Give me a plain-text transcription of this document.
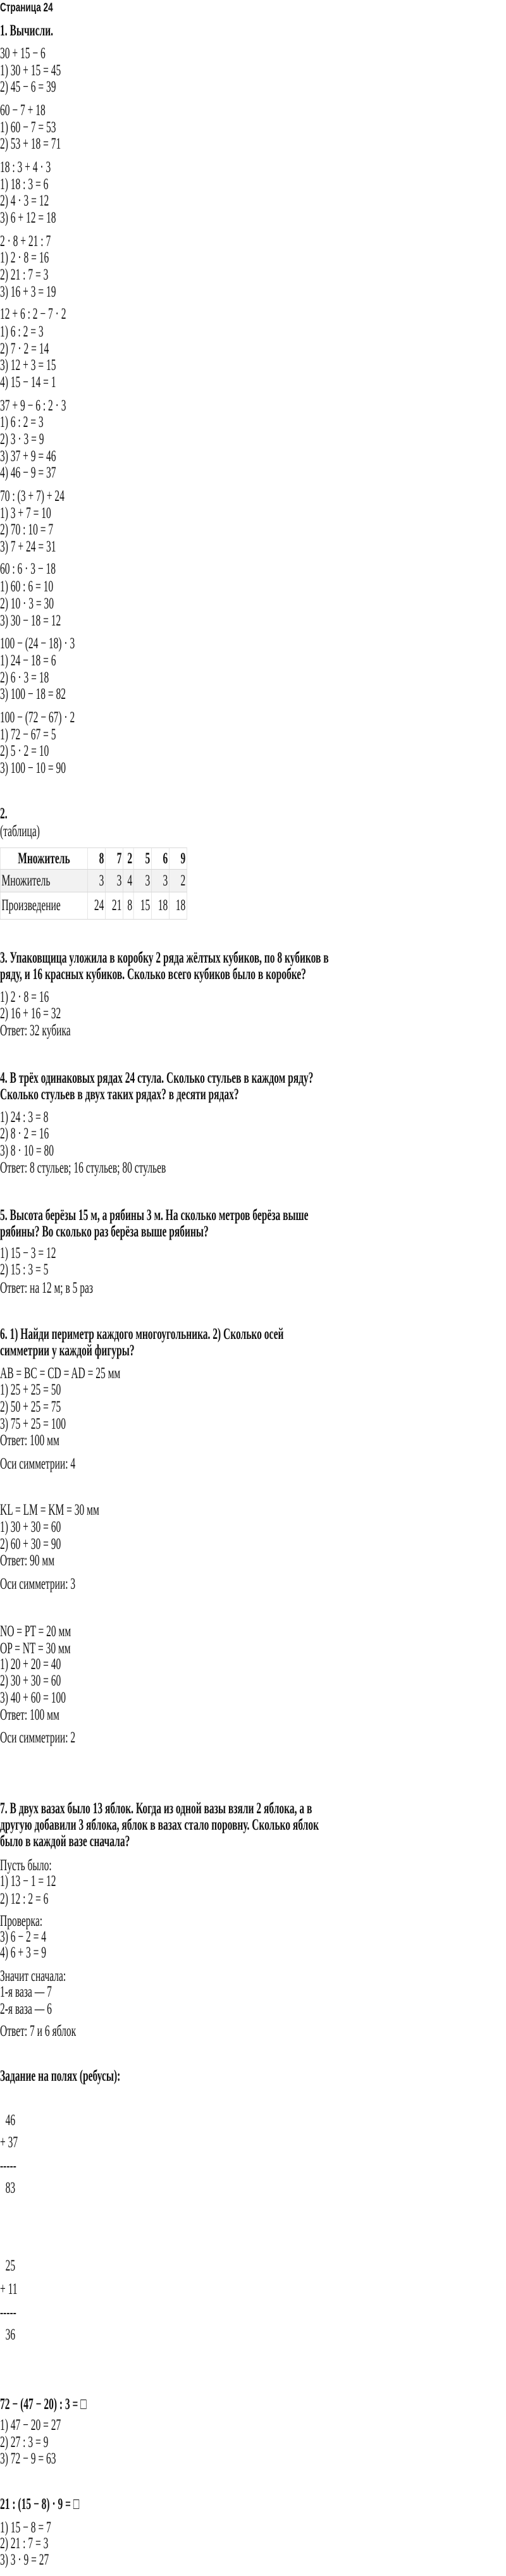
Множитель	8	7	2	5	6	9
Множитель	3	3	4	3	3	2
Произведение	24	21	8	15	18	18
Страница 24
1. Вычисли.
30 + 15 − 6
1) 30 + 15 = 45
2) 45 − 6 = 39
60 − 7 + 18
1) 60 − 7 = 53
2) 53 + 18 = 71
18 : 3 + 4 · 3
1) 18 : 3 = 6
2) 4 · 3 = 12
3) 6 + 12 = 18
2 · 8 + 21 : 7
1) 2 · 8 = 16
2) 21 : 7 = 3
3) 16 + 3 = 19
12 + 6 : 2 − 7 · 2
1) 6 : 2 = 3
2) 7 · 2 = 14
3) 12 + 3 = 15
4) 15 − 14 = 1
37 + 9 − 6 : 2 · 3
1) 6 : 2 = 3
2) 3 · 3 = 9
3) 37 + 9 = 46
4) 46 − 9 = 37
70 : (3 + 7) + 24
1) 3 + 7 = 10
2) 70 : 10 = 7
3) 7 + 24 = 31
60 : 6 · 3 − 18
1) 60 : 6 = 10
2) 10 · 3 = 30
3) 30 − 18 = 12
100 − (24 − 18) · 3
1) 24 − 18 = 6
2) 6 · 3 = 18
3) 100 − 18 = 82
100 − (72 − 67) · 2
1) 72 − 67 = 5
2) 5 · 2 = 10
3) 100 − 10 = 90
2.
(таблица)
3. Упаковщица уложила в коробку 2 ряда жёлтых кубиков, по 8 кубиков в ряду, и 16 красных кубиков. Сколько всего кубиков было в коробке?
1) 2 · 8 = 16
2) 16 + 16 = 32
Ответ: 32 кубика
4. В трёх одинаковых рядах 24 стула. Сколько стульев в каждом ряду? Сколько стульев в двух таких рядах? в десяти рядах?
1) 24 : 3 = 8
2) 8 · 2 = 16
3) 8 · 10 = 80
Ответ: 8 стульев; 16 стульев; 80 стульев
5. Высота берёзы 15 м, а рябины 3 м. На сколько метров берёза выше рябины? Во сколько раз берёза выше рябины?
1) 15 − 3 = 12
2) 15 : 3 = 5
Ответ: на 12 м; в 5 раз
6. 1) Найди периметр каждого многоугольника. 2) Сколько осей симметрии у каждой фигуры?
AB = BC = CD = AD = 25 мм
1) 25 + 25 = 50
2) 50 + 25 = 75
3) 75 + 25 = 100
Ответ: 100 мм
Оси симметрии: 4
KL = LM = KM = 30 мм
1) 30 + 30 = 60
2) 60 + 30 = 90
Ответ: 90 мм
Оси симметрии: 3
NO = PT = 20 мм
OP = NT = 30 мм
1) 20 + 20 = 40
2) 30 + 30 = 60
3) 40 + 60 = 100
Ответ: 100 мм
Оси симметрии: 2
7. В двух вазах было 13 яблок. Когда из одной вазы взяли 2 яблока, а в другую добавили 3 яблока, яблок в вазах стало поровну. Сколько яблок было в каждой вазе сначала?
Пусть было:
1) 13 − 1 = 12
2) 12 : 2 = 6
Проверка:
3) 6 − 2 = 4
4) 6 + 3 = 9
Значит сначала:
1-я ваза — 7
2-я ваза — 6
Ответ: 7 и 6 яблок
Задание на полях (ребусы):
46
+ 37
-----
83
25
+ 11
-----
36
72 − (47 − 20) : 3 = □
1) 47 − 20 = 27
2) 27 : 3 = 9
3) 72 − 9 = 63
21 : (15 − 8) · 9 = □
1) 15 − 8 = 7
2) 21 : 7 = 3
3) 3 · 9 = 27
